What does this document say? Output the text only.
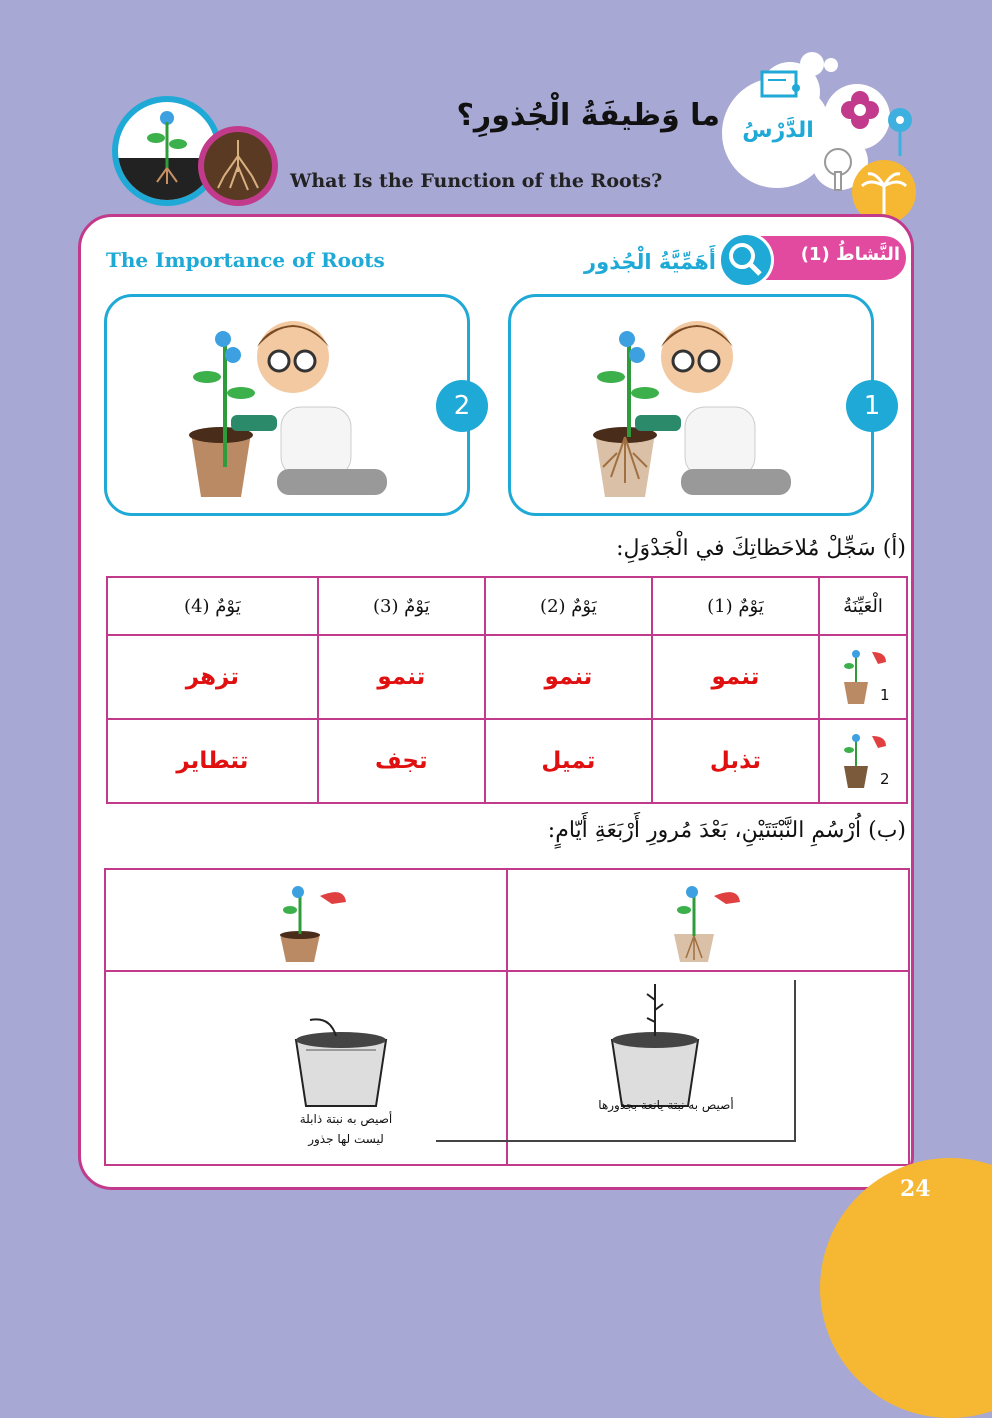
الدَّرْسُ
ما وَظيفَةُ الْجُذورِ؟
What Is the Function of the Roots?
النَّشاطُ (1)
أَهَمِّيَّةُ الْجُذور
The Importance of Roots
2	1
(أ) سَجِّلْ مُلاحَظاتِكَ في الْجَدْوَلِ:
الْعَيِّنَةُ	يَوْمٌ (1)	يَوْمٌ (2)	يَوْمٌ (3)	يَوْمٌ (4)

1	تنمو	تنمو	تنمو	تزهر

2	تذبل	تميل	تجف	تتطاير
(ب) اُرْسُمِ النَّبْتَتَيْنِ، بَعْدَ مُرورِ أَرْبَعَةِ أَيّامٍ:
أصيص به نبتة ذابلة
ليست لها جذور
أصيص به نبتة يانعة بجذورها
24
